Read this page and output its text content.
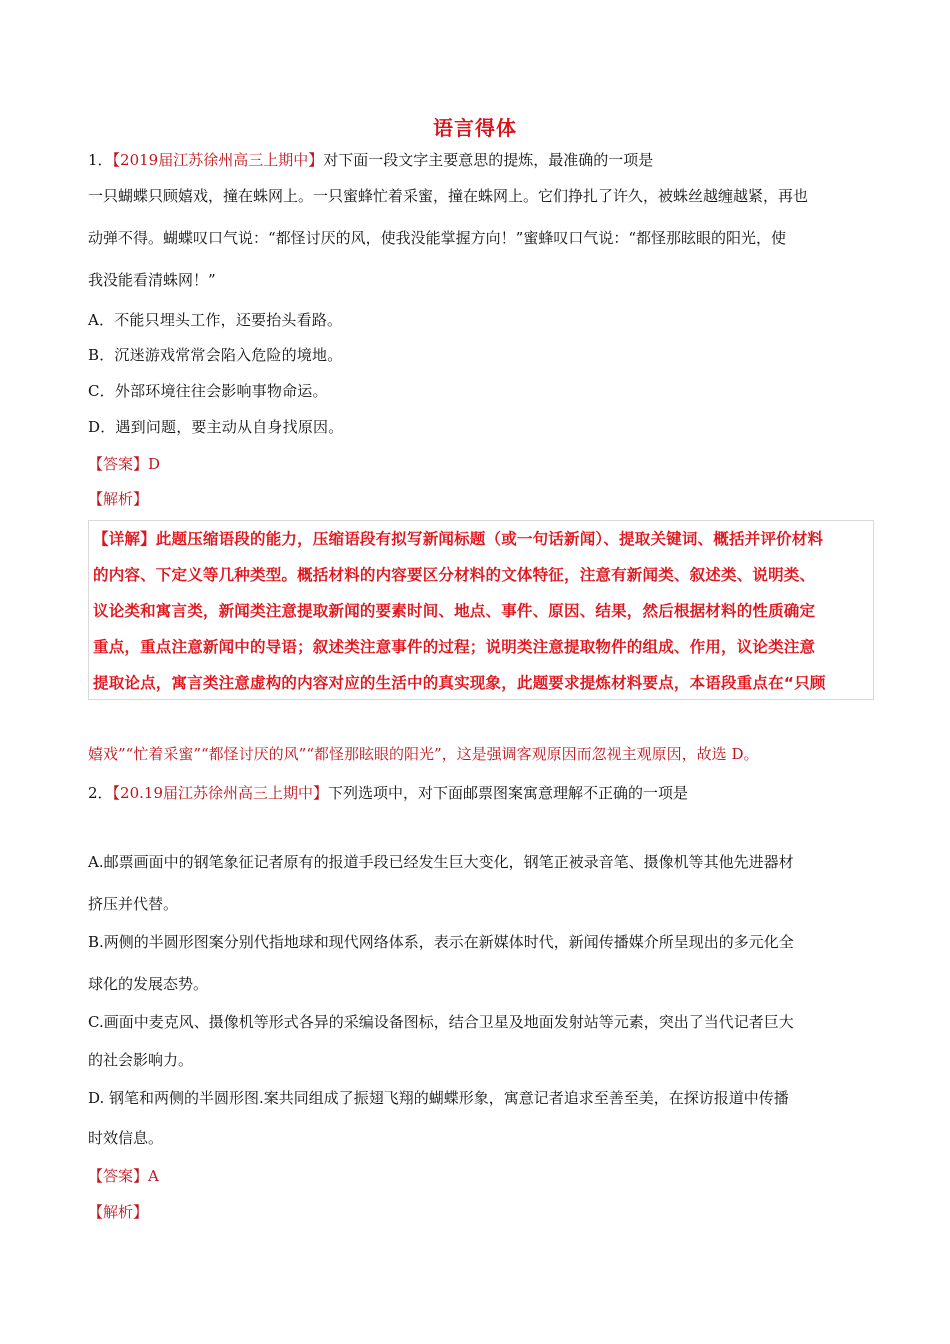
语言得体
1．【2019届江苏徐州高三上期中】对下面一段文字主要意思的提炼，最准确的一项是
一只蝴蝶只顾嬉戏，撞在蛛网上。一只蜜蜂忙着采蜜，撞在蛛网上。它们挣扎了许久，被蛛丝越缠越紧，再也
动弹不得。蝴蝶叹口气说：“都怪讨厌的风，使我没能掌握方向！”蜜蜂叹口气说：“都怪那眩眼的阳光，使
我没能看清蛛网！”
A．不能只埋头工作，还要抬头看路。
B．沉迷游戏常常会陷入危险的境地。
C．外部环境往往会影响事物命运。
D．遇到问题，要主动从自身找原因。
【答案】D
【解析】
【详解】此题压缩语段的能力，压缩语段有拟写新闻标题（或一句话新闻）、提取关键词、概括并评价材料
的内容、下定义等几种类型。概括材料的内容要区分材料的文体特征，注意有新闻类、叙述类、说明类、
议论类和寓言类，新闻类注意提取新闻的要素时间、地点、事件、原因、结果，然后根据材料的性质确定
重点，重点注意新闻中的导语；叙述类注意事件的过程；说明类注意提取物件的组成、作用，议论类注意
提取论点，寓言类注意虚构的内容对应的生活中的真实现象，此题要求提炼材料要点，本语段重点在“只顾
嬉戏”“忙着采蜜”“都怪讨厌的风”“都怪那眩眼的阳光”，这是强调客观原因而忽视主观原因，故选 D。
2．【20.19届江苏徐州高三上期中】下列选项中，对下面邮票图案寓意理解不正确的一项是
A.邮票画面中的钢笔象征记者原有的报道手段已经发生巨大变化，钢笔正被录音笔、摄像机等其他先进器材
挤压并代替。
B.两侧的半圆形图案分别代指地球和现代网络体系，表示在新媒体时代，新闻传播媒介所呈现出的多元化全
球化的发展态势。
C.画面中麦克风、摄像机等形式各异的采编设备图标，结合卫星及地面发射站等元素，突出了当代记者巨大
的社会影响力。
D. 钢笔和两侧的半圆形图.案共同组成了振翅飞翔的蝴蝶形象，寓意记者追求至善至美，在探访报道中传播
时效信息。
【答案】A
【解析】
